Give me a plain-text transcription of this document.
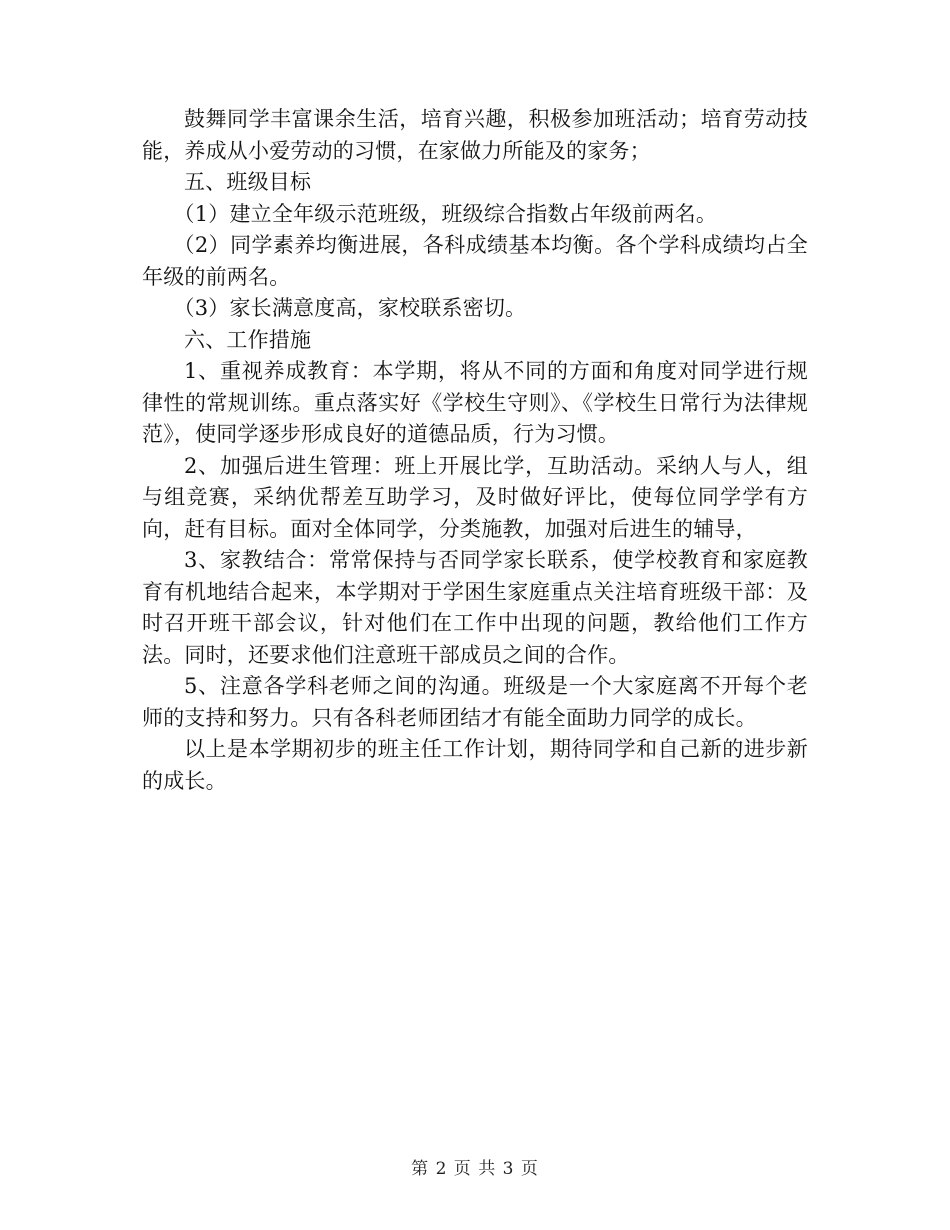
鼓舞同学丰富课余生活，培育兴趣，积极参加班活动；培育劳动技能，养成从小爱劳动的习惯，在家做力所能及的家务；

五、班级目标

（1）建立全年级示范班级，班级综合指数占年级前两名。

（2）同学素养均衡进展，各科成绩基本均衡。各个学科成绩均占全年级的前两名。

（3）家长满意度高，家校联系密切。

六、工作措施

1、重视养成教育：本学期，将从不同的方面和角度对同学进行规律性的常规训练。重点落实好《学校生守则》、《学校生日常行为法律规范》，使同学逐步形成良好的道德品质，行为习惯。

2、加强后进生管理：班上开展比学，互助活动。采纳人与人，组与组竞赛，采纳优帮差互助学习，及时做好评比，使每位同学学有方向，赶有目标。面对全体同学，分类施教，加强对后进生的辅导，

3、家教结合：常常保持与否同学家长联系，使学校教育和家庭教育有机地结合起来，本学期对于学困生家庭重点关注培育班级干部：及时召开班干部会议，针对他们在工作中出现的问题，教给他们工作方法。同时，还要求他们注意班干部成员之间的合作。

5、注意各学科老师之间的沟通。班级是一个大家庭离不开每个老师的支持和努力。只有各科老师团结才有能全面助力同学的成长。

以上是本学期初步的班主任工作计划，期待同学和自己新的进步新的成长。

第 2 页 共 3 页
